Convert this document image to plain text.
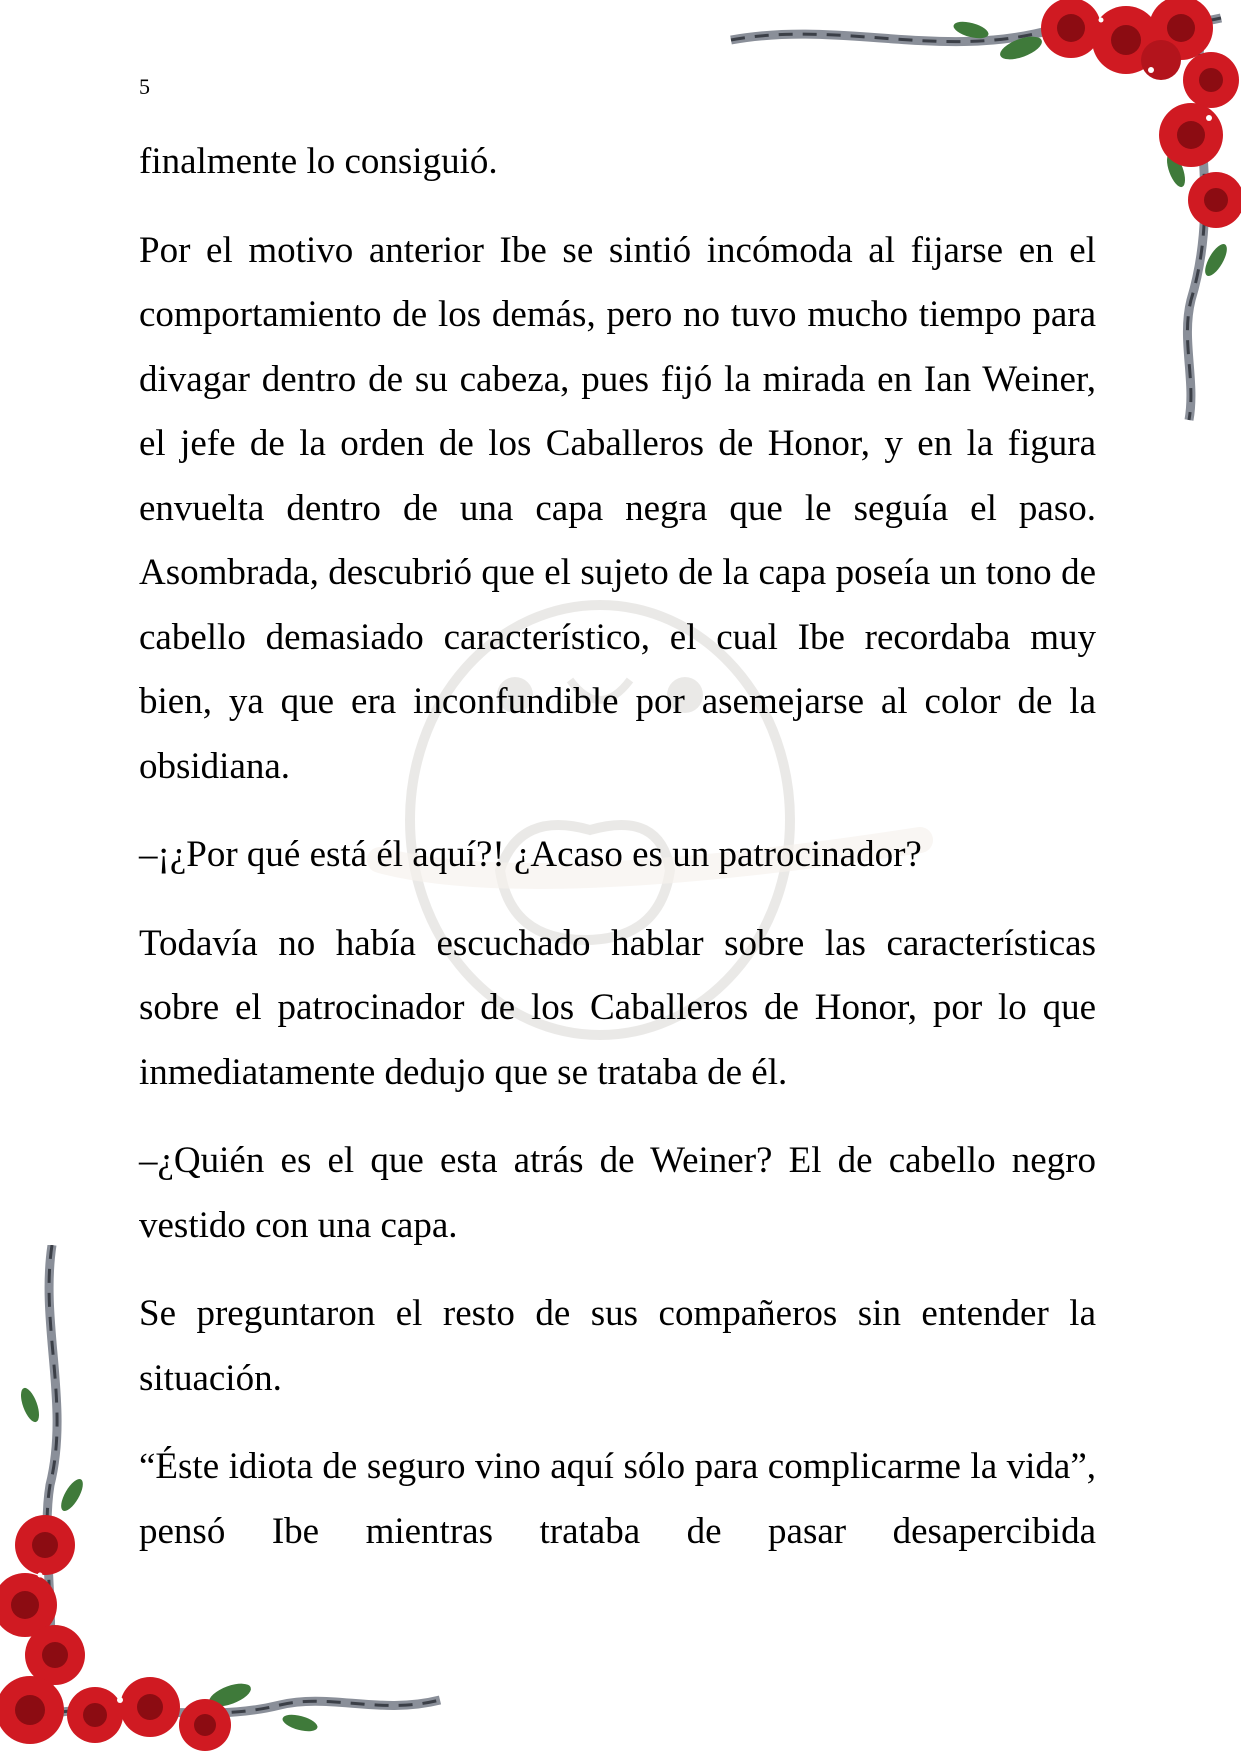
5

finalmente lo consiguió.

Por el motivo anterior Ibe se sintió incómoda al fijarse en el comportamiento de los demás, pero no tuvo mucho tiempo para divagar dentro de su cabeza, pues fijó la mirada en Ian Weiner, el jefe de la orden de los Caballeros de Honor, y en la figura envuelta dentro de una capa negra que le seguía el paso. Asombrada, descubrió que el sujeto de la capa poseía un tono de cabello demasiado característico, el cual Ibe recordaba muy bien, ya que era inconfundible por asemejarse al color de la obsidiana.

–¡¿Por qué está él aquí?! ¿Acaso es un patrocinador?

Todavía no había escuchado hablar sobre las características sobre el patrocinador de los Caballeros de Honor, por lo que inmediatamente dedujo que se trataba de él.

–¿Quién es el que esta atrás de Weiner? El de cabello negro vestido con una capa.

Se preguntaron el resto de sus compañeros sin entender la situación.

“Éste idiota de seguro vino aquí sólo para complicarme la vida”, pensó Ibe mientras trataba de pasar desapercibida
